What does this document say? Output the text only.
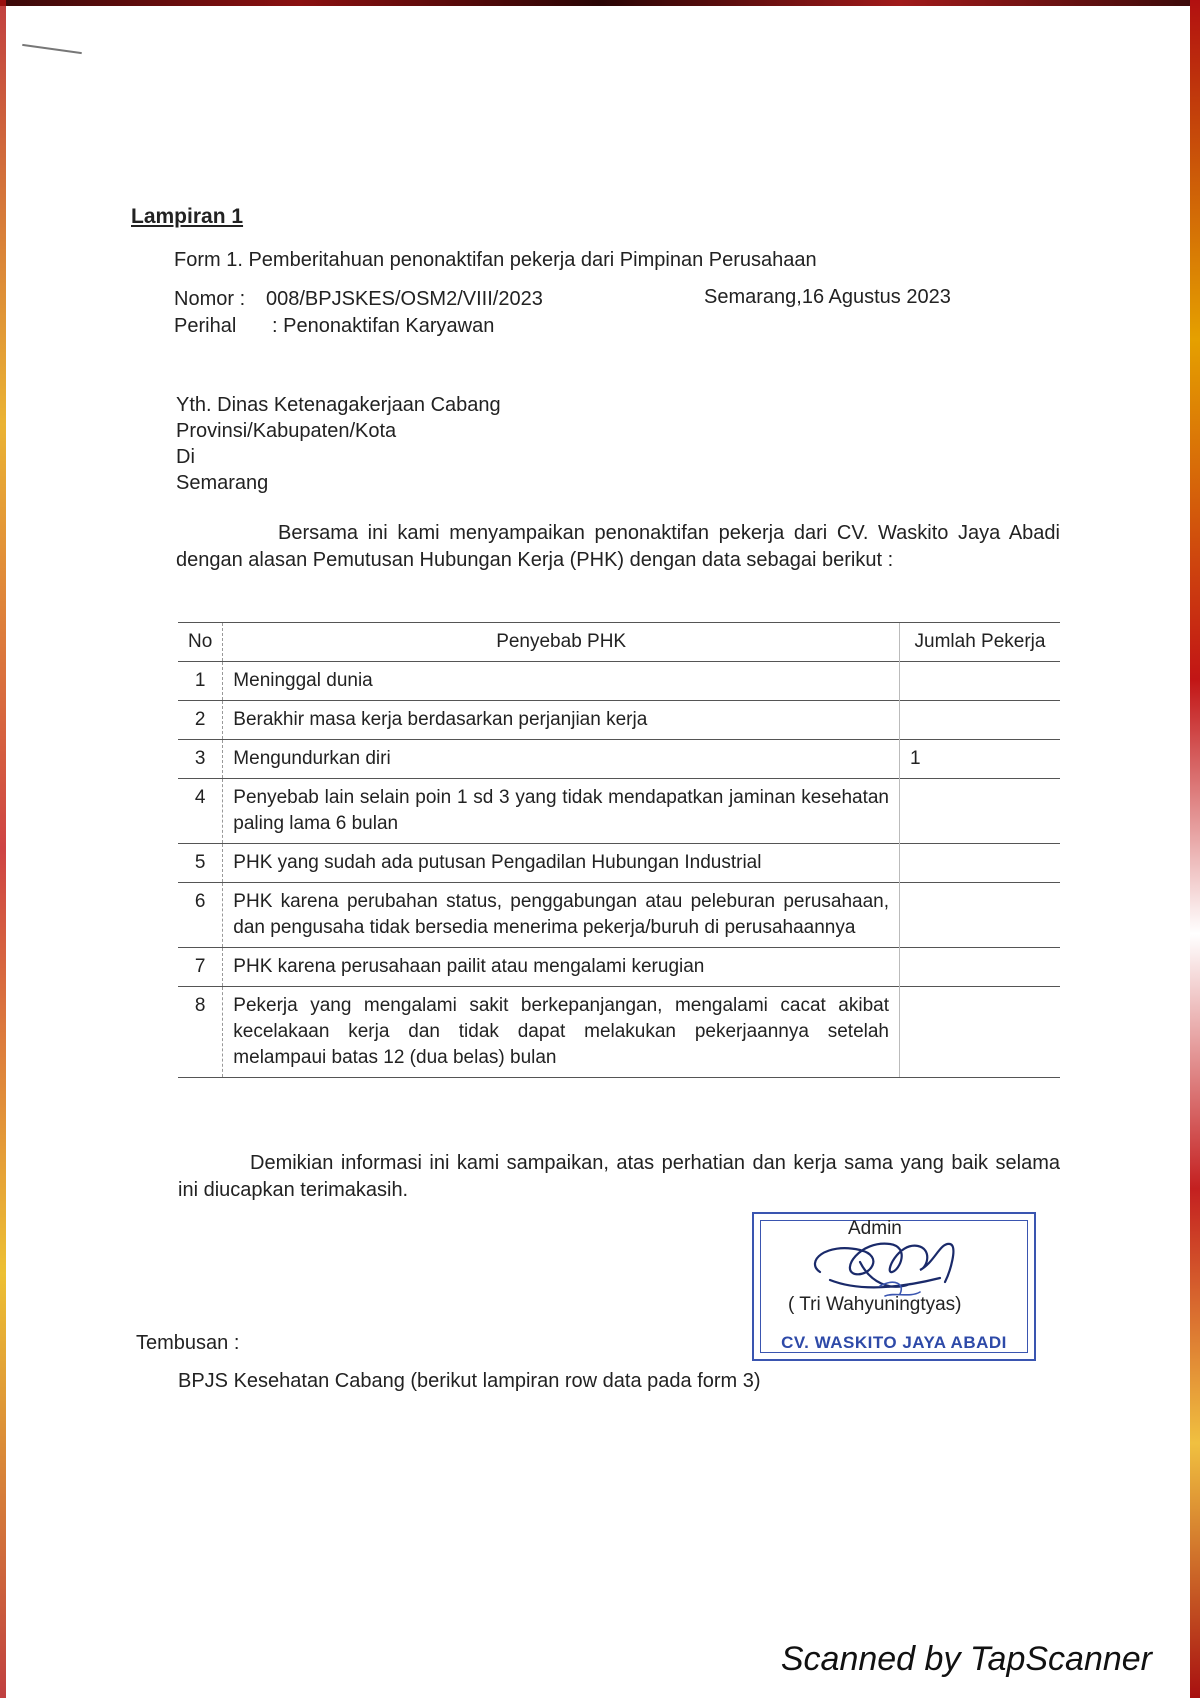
Lampiran 1
Form 1. Pemberitahuan penonaktifan pekerja dari Pimpinan Perusahaan
Nomor : 008/BPJSKES/OSM2/VIII/2023	Semarang,16 Agustus 2023
Perihal : Penonaktifan Karyawan
Yth. Dinas Ketenagakerjaan Cabang
Provinsi/Kabupaten/Kota
Di
Semarang
Bersama ini kami menyampaikan penonaktifan pekerja dari CV. Waskito Jaya Abadi dengan alasan Pemutusan Hubungan Kerja (PHK) dengan data sebagai berikut :
No	Penyebab PHK	Jumlah Pekerja
1	Meninggal dunia	
2	Berakhir masa kerja berdasarkan perjanjian kerja	
3	Mengundurkan diri	1
4	Penyebab lain selain poin 1 sd 3 yang tidak mendapatkan jaminan kesehatan paling lama 6 bulan	
5	PHK yang sudah ada putusan Pengadilan Hubungan Industrial	
6	PHK karena perubahan status, penggabungan atau peleburan perusahaan, dan pengusaha tidak bersedia menerima pekerja/buruh di perusahaannya	
7	PHK karena perusahaan pailit atau mengalami kerugian	
8	Pekerja yang mengalami sakit berkepanjangan, mengalami cacat akibat kecelakaan kerja dan tidak dapat melakukan pekerjaannya setelah melampaui batas 12 (dua belas) bulan	
Demikian informasi ini kami sampaikan, atas perhatian dan kerja sama yang baik selama ini diucapkan terimakasih.
CV. WASKITO JAYA ABADI
Admin
( Tri Wahyuningtyas)
Tembusan :
BPJS Kesehatan Cabang (berikut lampiran row data pada form 3)
Scanned by TapScanner
